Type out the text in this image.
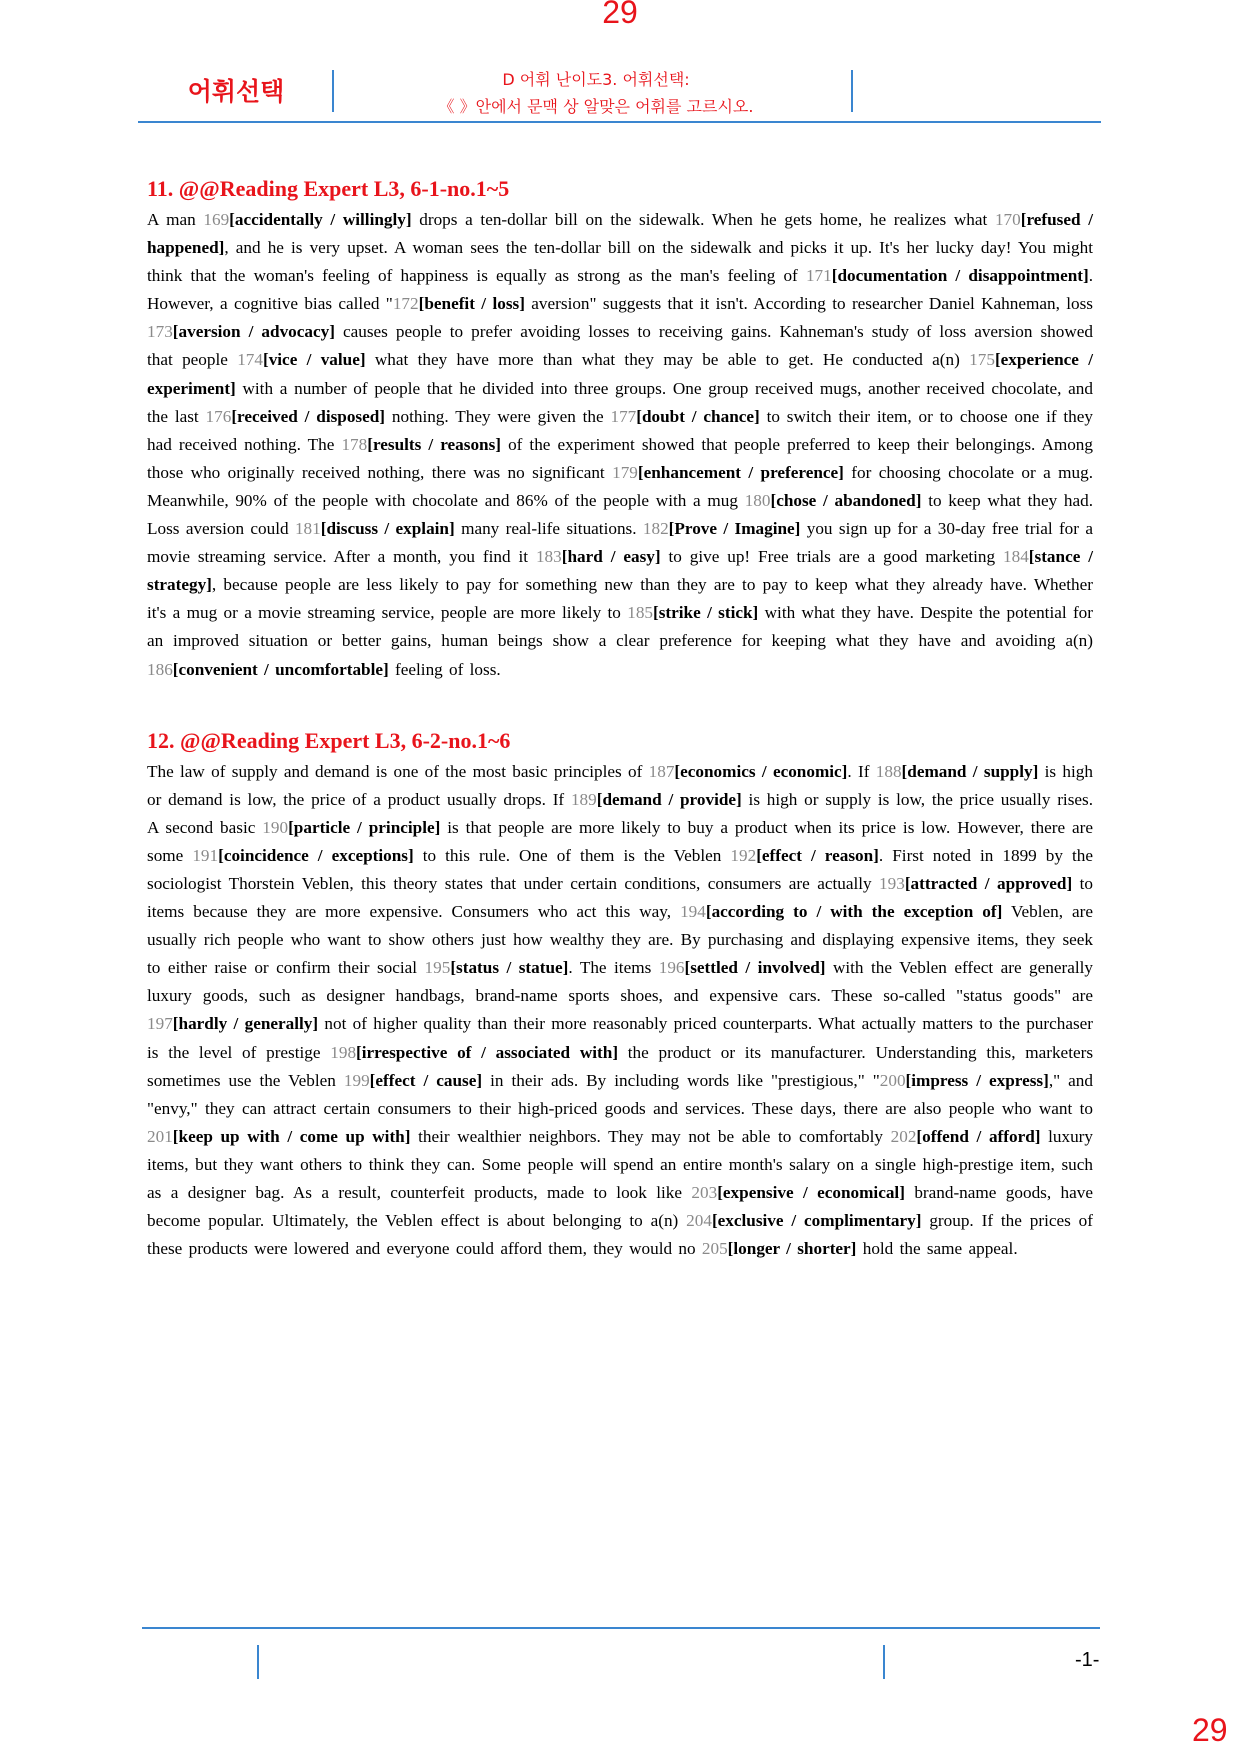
29
어휘선택	D 어휘 난이도3. 어휘선택:
《 》안에서 문맥 상 알맞은 어휘를 고르시오.
11. @@Reading Expert L3, 6-1-no.1~5

A man 169[accidentally / willingly] drops a ten-dollar bill on the sidewalk. When he gets home, he realizes what 170[refused / happened], and he is very upset. A woman sees the ten-dollar bill on the sidewalk and picks it up. It's her lucky day! You might think that the woman's feeling of happiness is equally as strong as the man's feeling of 171[documentation / disappointment]. However, a cognitive bias called "172[benefit / loss] aversion" suggests that it isn't. According to researcher Daniel Kahneman, loss 173[aversion / advocacy] causes people to prefer avoiding losses to receiving gains. Kahneman's study of loss aversion showed that people 174[vice / value] what they have more than what they may be able to get. He conducted a(n) 175[experience / experiment] with a number of people that he divided into three groups. One group received mugs, another received chocolate, and the last 176[received / disposed] nothing. They were given the 177[doubt / chance] to switch their item, or to choose one if they had received nothing. The 178[results / reasons] of the experiment showed that people preferred to keep their belongings. Among those who originally received nothing, there was no significant 179[enhancement / preference] for choosing chocolate or a mug. Meanwhile, 90% of the people with chocolate and 86% of the people with a mug 180[chose / abandoned] to keep what they had. Loss aversion could 181[discuss / explain] many real-life situations. 182[Prove / Imagine] you sign up for a 30-day free trial for a movie streaming service. After a month, you find it 183[hard / easy] to give up! Free trials are a good marketing 184[stance / strategy], because people are less likely to pay for something new than they are to pay to keep what they already have. Whether it's a mug or a movie streaming service, people are more likely to 185[strike / stick] with what they have. Despite the potential for an improved situation or better gains, human beings show a clear preference for keeping what they have and avoiding a(n) 186[convenient / uncomfortable] feeling of loss.

12. @@Reading Expert L3, 6-2-no.1~6

The law of supply and demand is one of the most basic principles of 187[economics / economic]. If 188[demand / supply] is high or demand is low, the price of a product usually drops. If 189[demand / provide] is high or supply is low, the price usually rises. A second basic 190[particle / principle] is that people are more likely to buy a product when its price is low. However, there are some 191[coincidence / exceptions] to this rule. One of them is the Veblen 192[effect / reason]. First noted in 1899 by the sociologist Thorstein Veblen, this theory states that under certain conditions, consumers are actually 193[attracted / approved] to items because they are more expensive. Consumers who act this way, 194[according to / with the exception of] Veblen, are usually rich people who want to show others just how wealthy they are. By purchasing and displaying expensive items, they seek to either raise or confirm their social 195[status / statue]. The items 196[settled / involved] with the Veblen effect are generally luxury goods, such as designer handbags, brand-name sports shoes, and expensive cars. These so-called "status goods" are 197[hardly / generally] not of higher quality than their more reasonably priced counterparts. What actually matters to the purchaser is the level of prestige 198[irrespective of / associated with] the product or its manufacturer. Understanding this, marketers sometimes use the Veblen 199[effect / cause] in their ads. By including words like "prestigious," "200[impress / express]," and "envy," they can attract certain consumers to their high-priced goods and services. These days, there are also people who want to 201[keep up with / come up with] their wealthier neighbors. They may not be able to comfortably 202[offend / afford] luxury items, but they want others to think they can. Some people will spend an entire month's salary on a single high-prestige item, such as a designer bag. As a result, counterfeit products, made to look like 203[expensive / economical] brand-name goods, have become popular. Ultimately, the Veblen effect is about belonging to a(n) 204[exclusive / complimentary] group. If the prices of these products were lowered and everyone could afford them, they would no 205[longer / shorter] hold the same appeal.

-1-
29
